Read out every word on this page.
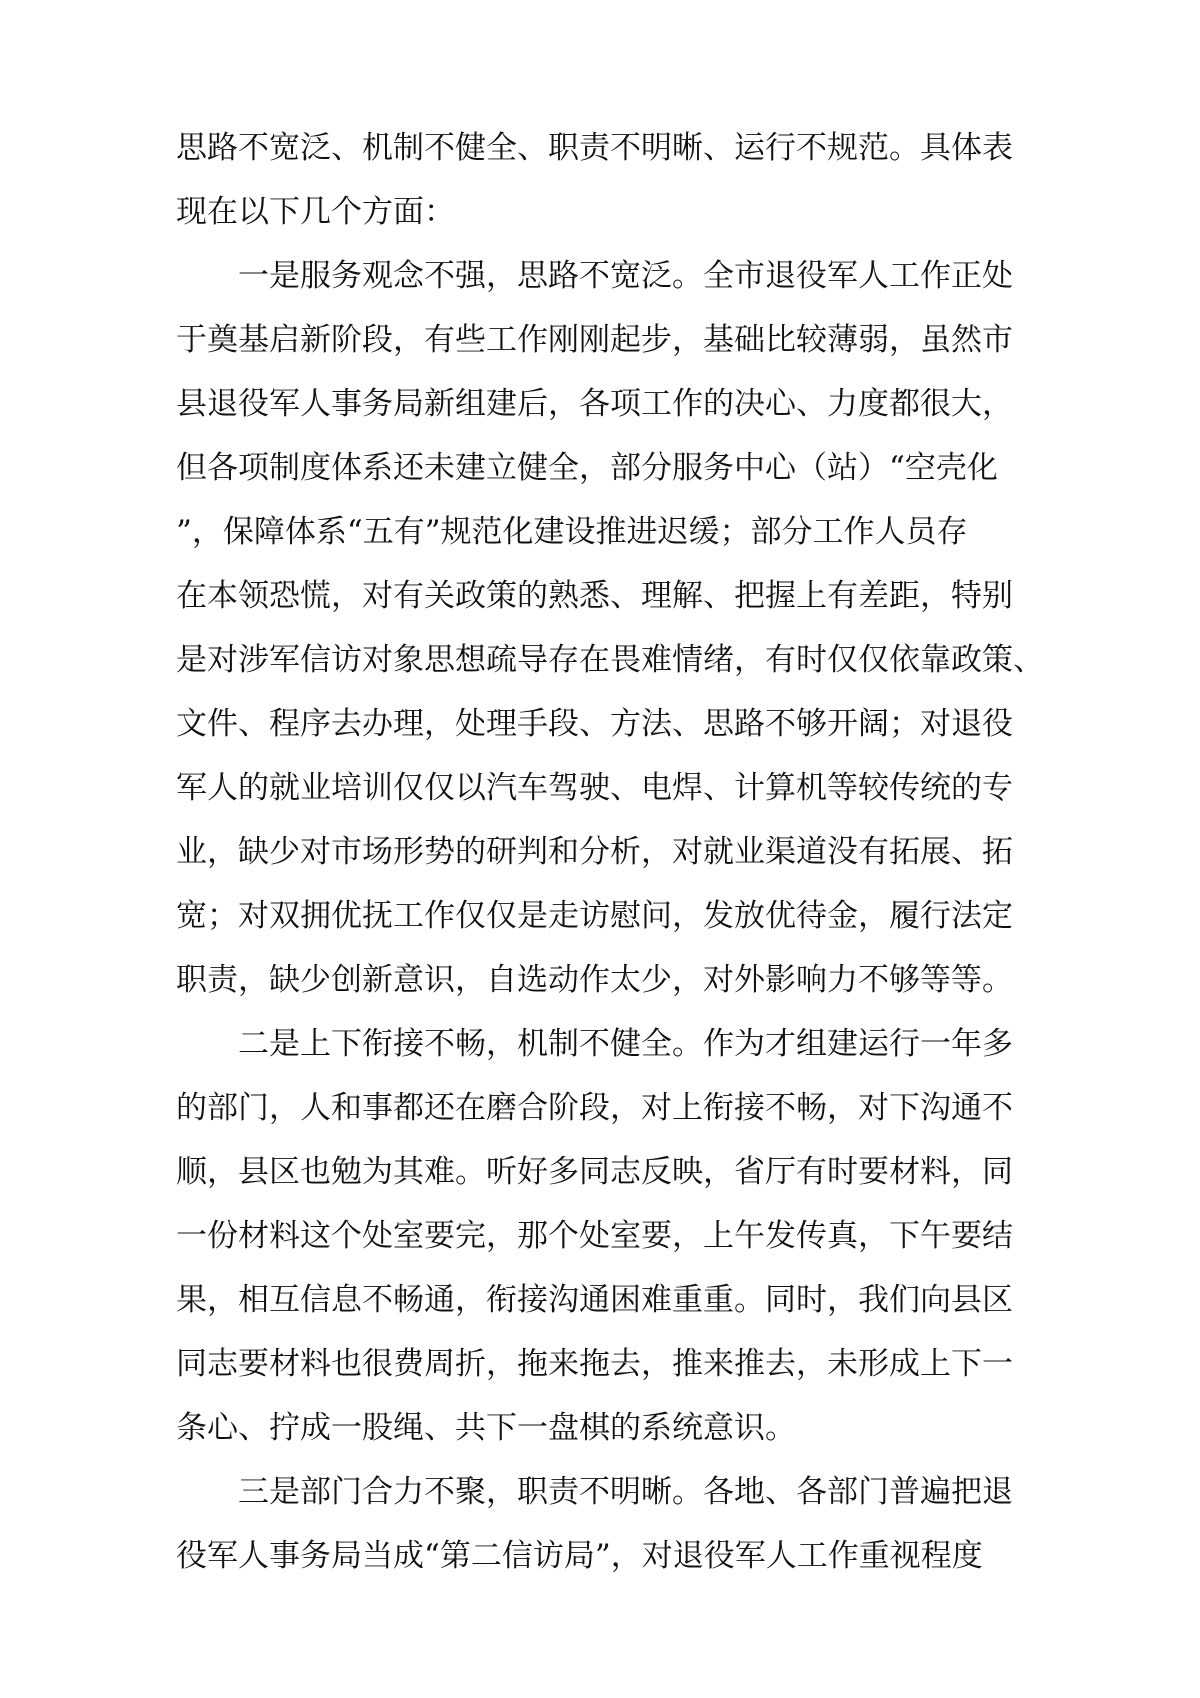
思路不宽泛、机制不健全、职责不明晰、运行不规范。具体表
现在以下几个方面：
一是服务观念不强，思路不宽泛。全市退役军人工作正处
于奠基启新阶段，有些工作刚刚起步，基础比较薄弱，虽然市
县退役军人事务局新组建后，各项工作的决心、力度都很大，
但各项制度体系还未建立健全，部分服务中心（站）“空壳化
”，保障体系“五有”规范化建设推进迟缓；部分工作人员存
在本领恐慌，对有关政策的熟悉、理解、把握上有差距，特别
是对涉军信访对象思想疏导存在畏难情绪，有时仅仅依靠政策、
文件、程序去办理，处理手段、方法、思路不够开阔；对退役
军人的就业培训仅仅以汽车驾驶、电焊、计算机等较传统的专
业，缺少对市场形势的研判和分析，对就业渠道没有拓展、拓
宽；对双拥优抚工作仅仅是走访慰问，发放优待金，履行法定
职责，缺少创新意识，自选动作太少，对外影响力不够等等。
二是上下衔接不畅，机制不健全。作为才组建运行一年多
的部门，人和事都还在磨合阶段，对上衔接不畅，对下沟通不
顺，县区也勉为其难。听好多同志反映，省厅有时要材料，同
一份材料这个处室要完，那个处室要，上午发传真，下午要结
果，相互信息不畅通，衔接沟通困难重重。同时，我们向县区
同志要材料也很费周折，拖来拖去，推来推去，未形成上下一
条心、拧成一股绳、共下一盘棋的系统意识。
三是部门合力不聚，职责不明晰。各地、各部门普遍把退
役军人事务局当成“第二信访局”，对退役军人工作重视程度
